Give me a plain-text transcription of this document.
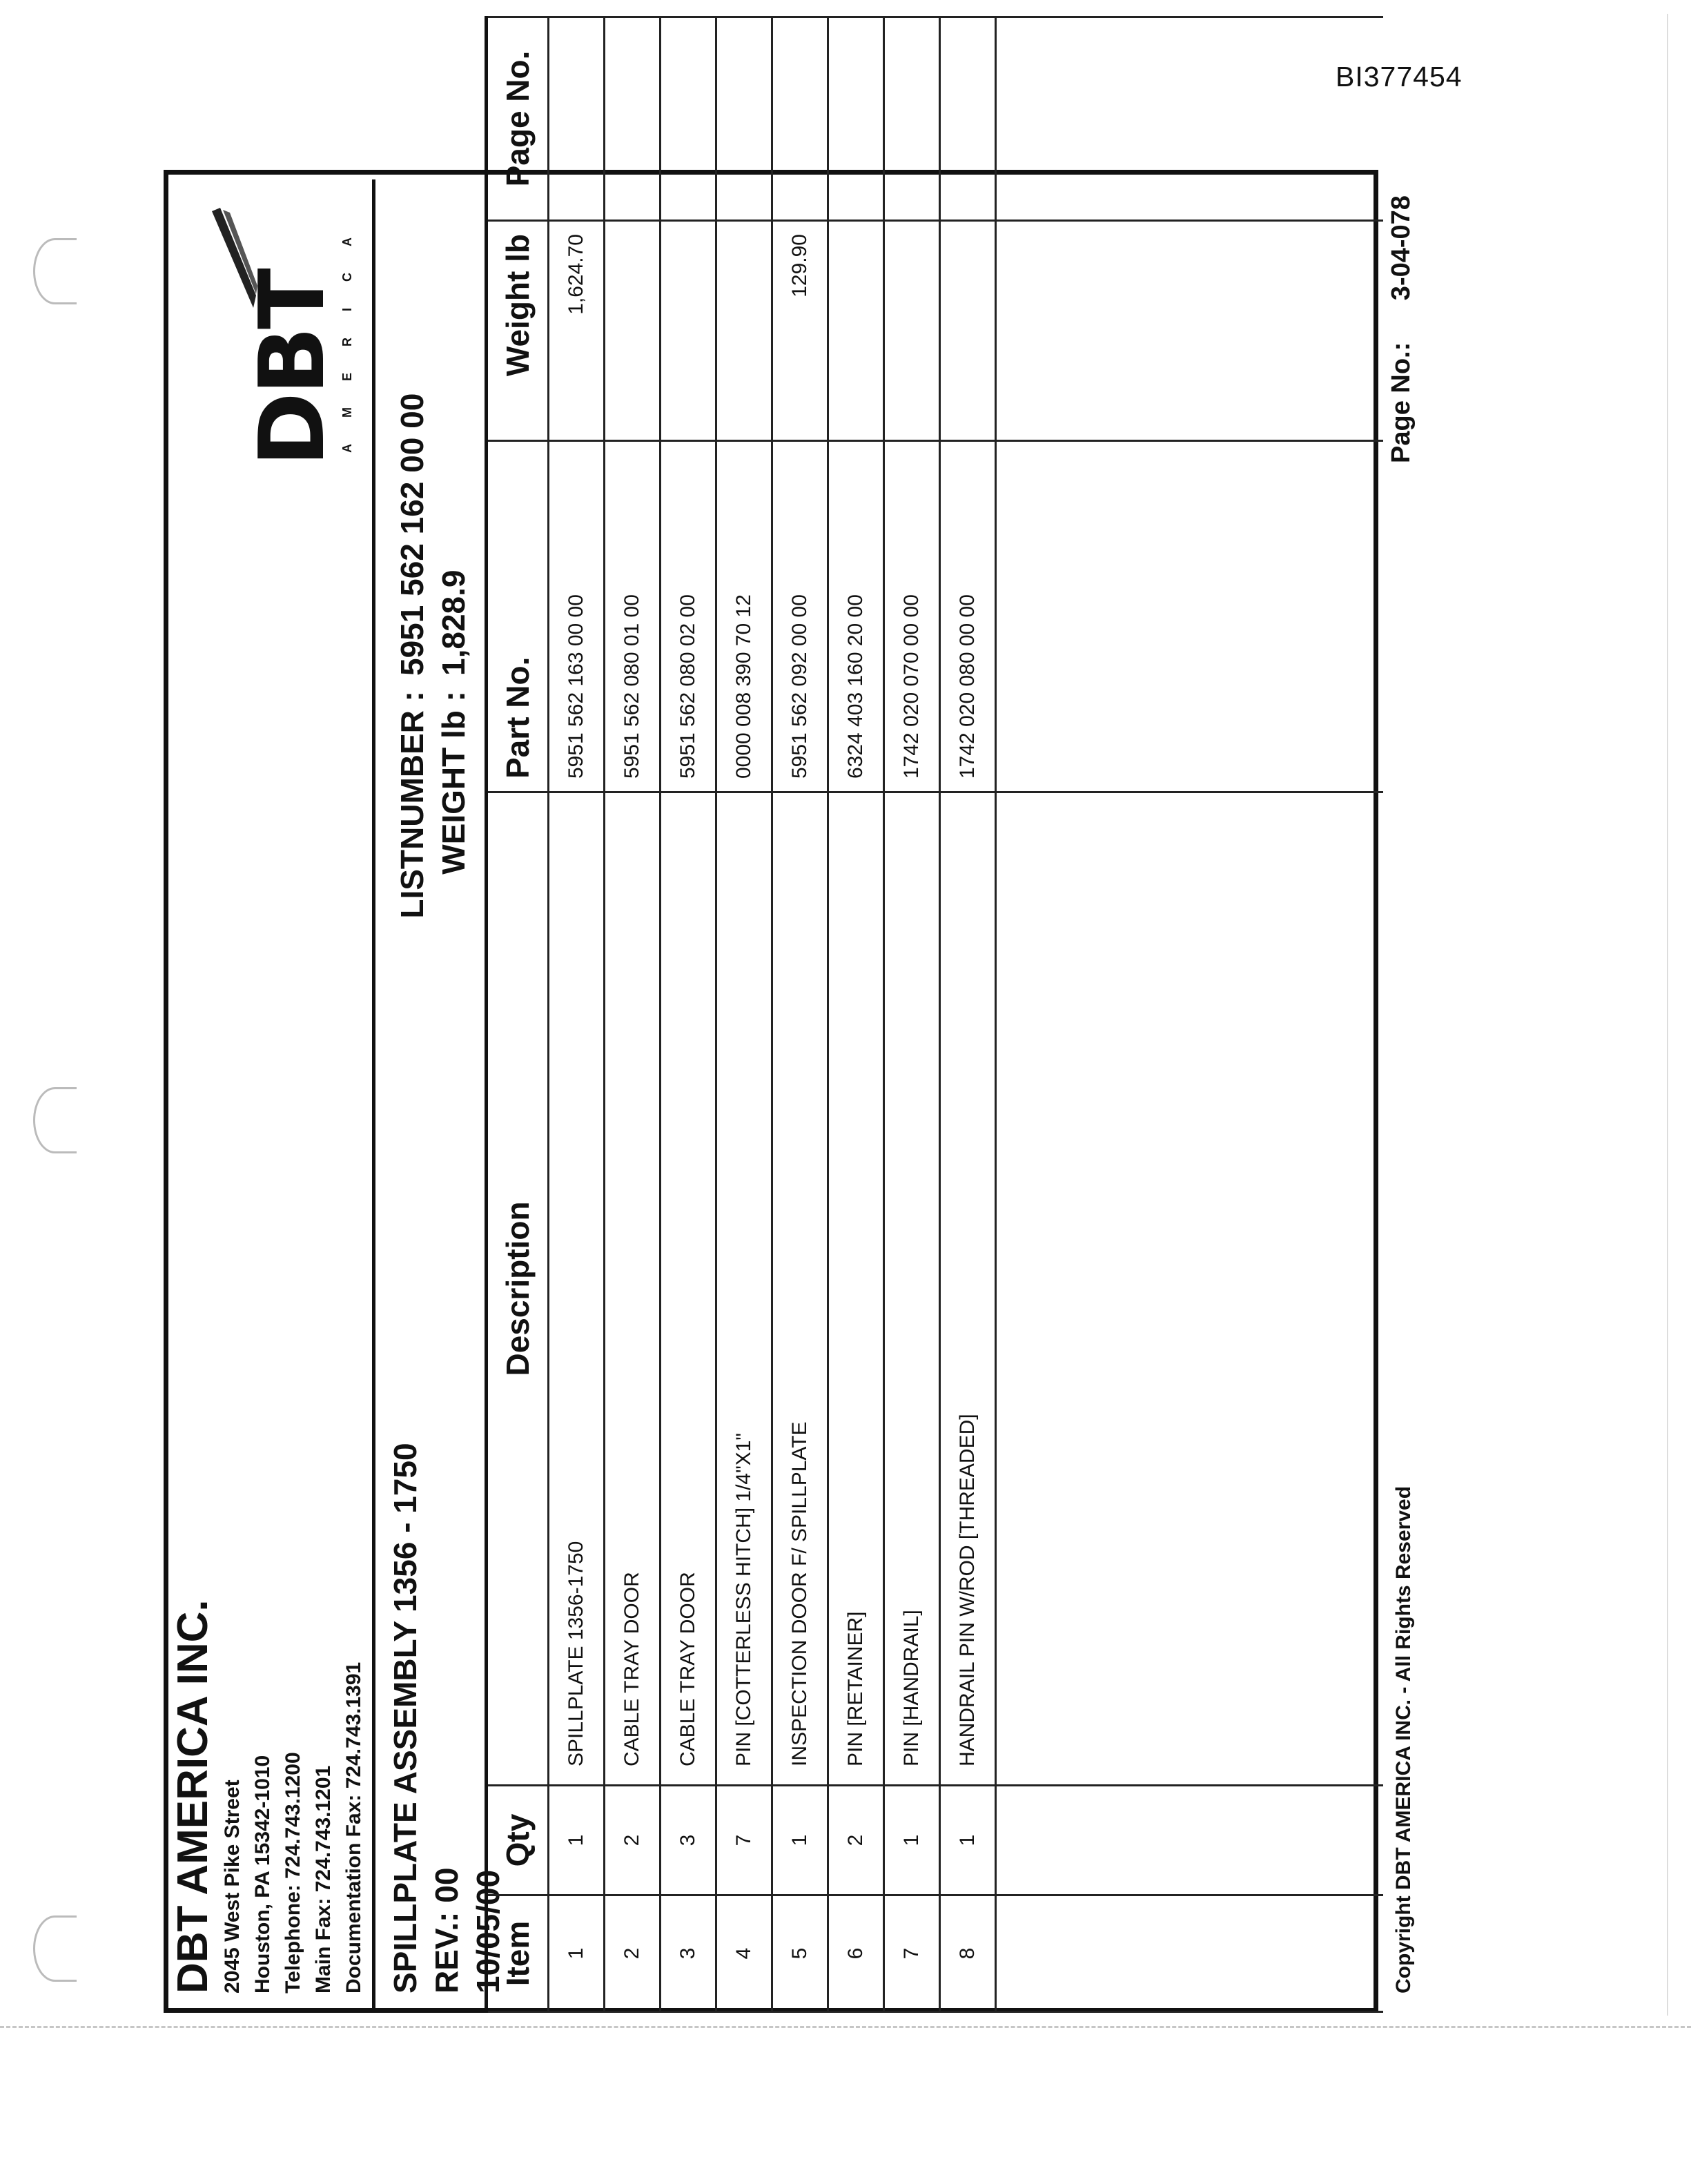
BI377454
DBT AMERICA INC. 2045 West Pike Street Houston, PA 15342-1010 Telephone: 724.743.1200 Main Fax: 724.743.1201 Documentation Fax: 724.743.1391
DBT
AMERICA
SPILLPLATE ASSEMBLY 1356 - 1750 REV.: 00 10/05/00
LISTNUMBER :
5951 562 162 00 00
WEIGHT lb :
1,828.9
Item	Qty	Description	Part No.	Weight lb	Page No.
1	1	SPILLPLATE 1356-1750	5951 562 163 00 00	1,624.70	
2	2	CABLE TRAY DOOR	5951 562 080 01 00		
3	3	CABLE TRAY DOOR	5951 562 080 02 00		
4	7	PIN [COTTERLESS HITCH] 1/4"X1"	0000 008 390 70 12		
5	1	INSPECTION DOOR F/ SPILLPLATE	5951 562 092 00 00	129.90	
6	2	PIN [RETAINER]	6324 403 160 20 00		
7	1	PIN [HANDRAIL]	1742 020 070 00 00		
8	1	HANDRAIL PIN W/ROD [THREADED]	1742 020 080 00 00		

Copyright DBT AMERICA INC. - All Rights Reserved
Page No.: 3-04-078
